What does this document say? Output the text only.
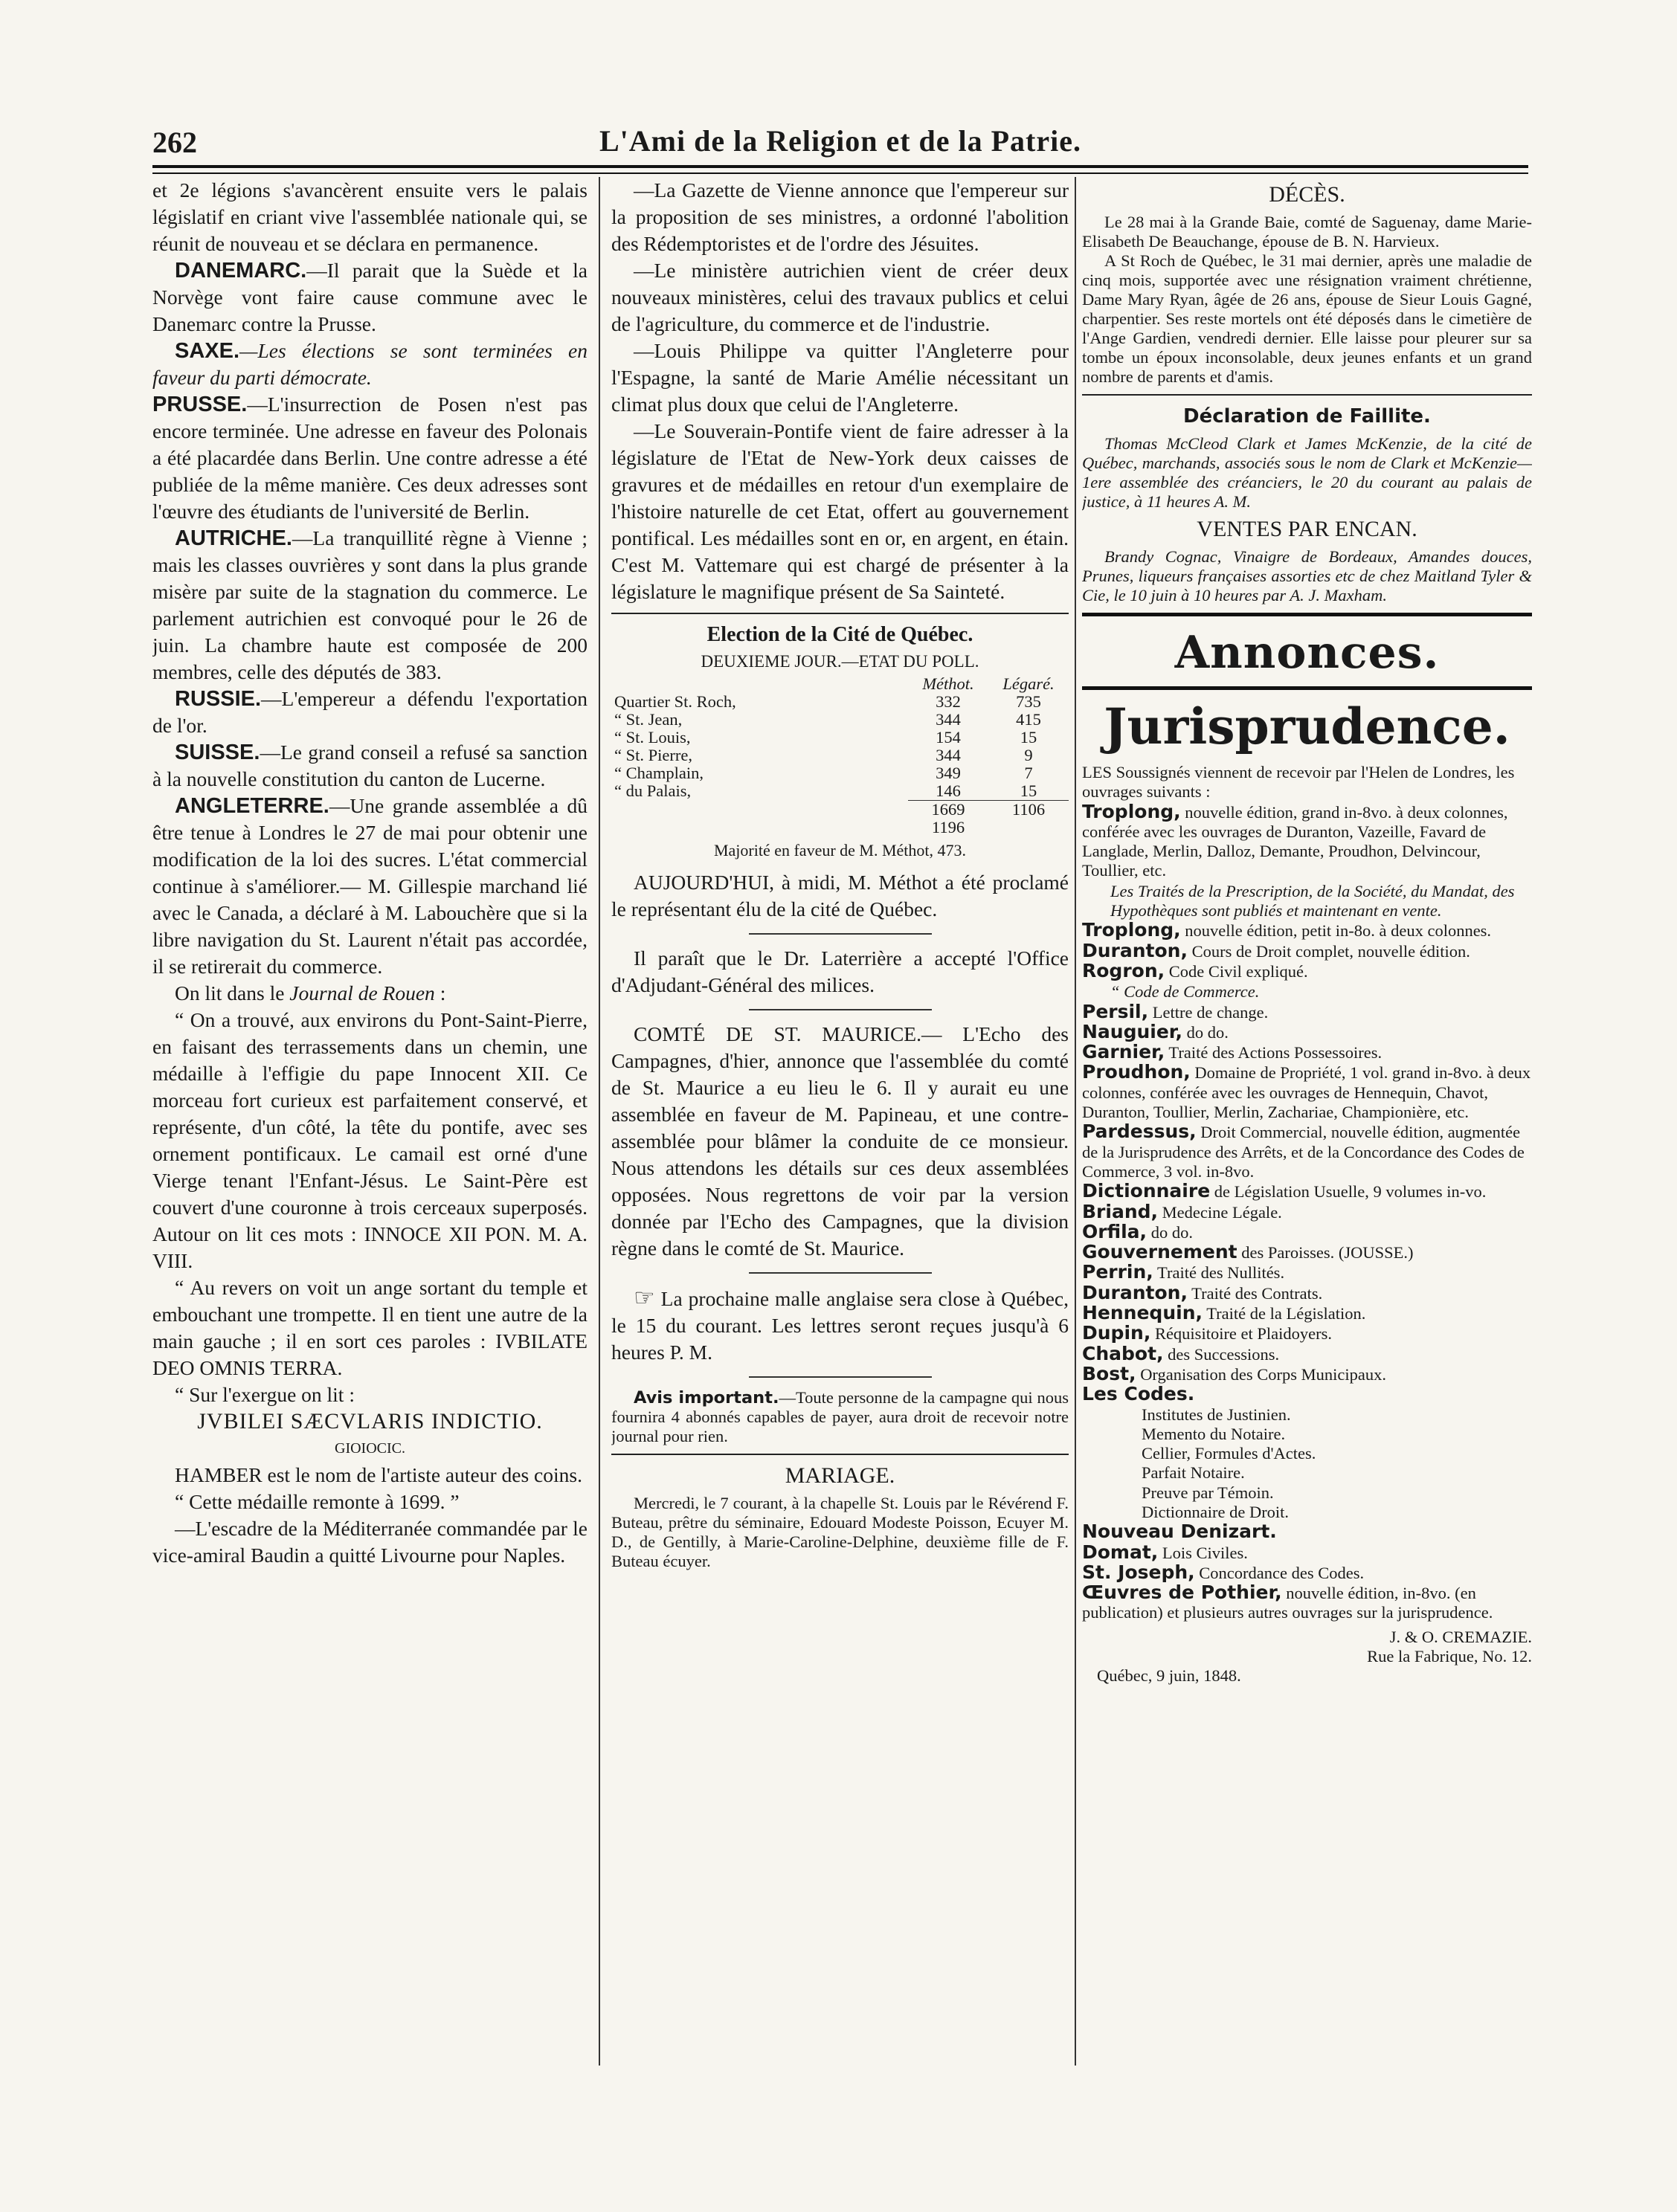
262	L'Ami de la Religion et de la Patrie.

et 2e légions s'avancèrent ensuite vers le palais législatif en criant vive l'assemblée nationale qui, se réunit de nouveau et se déclara en permanence.

DANEMARC.—Il parait que la Suède et la Norvège vont faire cause commune avec le Danemarc contre la Prusse.

SAXE.—Les élections se sont terminées en faveur du parti démocrate.

PRUSSE.—L'insurrection de Posen n'est pas encore terminée. Une adresse en faveur des Polonais a été placardée dans Berlin. Une contre adresse a été publiée de la même manière. Ces deux adresses sont l'œuvre des étudiants de l'université de Berlin.

AUTRICHE.—La tranquillité règne à Vienne ; mais les classes ouvrières y sont dans la plus grande misère par suite de la stagnation du commerce. Le parlement autrichien est convoqué pour le 26 de juin. La chambre haute est composée de 200 membres, celle des députés de 383.

RUSSIE.—L'empereur a défendu l'exportation de l'or.

SUISSE.—Le grand conseil a refusé sa sanction à la nouvelle constitution du canton de Lucerne.

ANGLETERRE.—Une grande assemblée a dû être tenue à Londres le 27 de mai pour obtenir une modification de la loi des sucres. L'état commercial continue à s'améliorer.— M. Gillespie marchand lié avec le Canada, a déclaré à M. Labouchère que si la libre navigation du St. Laurent n'était pas accordée, il se retirerait du commerce.

On lit dans le Journal de Rouen :

“ On a trouvé, aux environs du Pont-Saint-Pierre, en faisant des terrassements dans un chemin, une médaille à l'effigie du pape Innocent XII. Ce morceau fort curieux est parfaitement conservé, et représente, d'un côté, la tête du pontife, avec ses ornement pontificaux. Le camail est orné d'une Vierge tenant l'Enfant-Jésus. Le Saint-Père est couvert d'une couronne à trois cerceaux superposés. Autour on lit ces mots : INNOCE XII PON. M. A. VIII.

“ Au revers on voit un ange sortant du temple et embouchant une trompette. Il en tient une autre de la main gauche ; il en sort ces paroles : IVBILATE DEO OMNIS TERRA.

“ Sur l'exergue on lit :

JVBILEI SÆCVLARIS INDICTIO.

GIOIOCIC.

HAMBER est le nom de l'artiste auteur des coins.

“ Cette médaille remonte à 1699. ”

—L'escadre de la Méditerranée commandée par le vice-amiral Baudin a quitté Livourne pour Naples.

—La Gazette de Vienne annonce que l'empereur sur la proposition de ses ministres, a ordonné l'abolition des Rédemptoristes et de l'ordre des Jésuites.

—Le ministère autrichien vient de créer deux nouveaux ministères, celui des travaux publics et celui de l'agriculture, du commerce et de l'industrie.

—Louis Philippe va quitter l'Angleterre pour l'Espagne, la santé de Marie Amélie nécessitant un climat plus doux que celui de l'Angleterre.

—Le Souverain-Pontife vient de faire adresser à la législature de l'Etat de New-York deux caisses de gravures et de médailles en retour d'un exemplaire de l'histoire naturelle de cet Etat, offert au gouvernement pontifical. Les médailles sont en or, en argent, en étain. C'est M. Vattemare qui est chargé de présenter à la législature le magnifique présent de Sa Sainteté.

Election de la Cité de Québec.

DEUXIEME JOUR.—ETAT DU POLL.

	Méthot.	Légaré.
Quartier St. Roch,	332	735
“ St. Jean,	344	415
“ St. Louis,	154	15
“ St. Pierre,	344	9
“ Champlain,	349	7
“ du Palais,	146	15
	1669	1106
	1196	

Majorité en faveur de M. Méthot, 473.

AUJOURD'HUI, à midi, M. Méthot a été proclamé le représentant élu de la cité de Québec.

Il paraît que le Dr. Laterrière a accepté l'Office d'Adjudant-Général des milices.

COMTÉ DE ST. MAURICE.— L'Echo des Campagnes, d'hier, annonce que l'assemblée du comté de St. Maurice a eu lieu le 6. Il y aurait eu une assemblée en faveur de M. Papineau, et une contre-assemblée pour blâmer la conduite de ce monsieur. Nous attendons les détails sur ces deux assemblées opposées. Nous regrettons de voir par la version donnée par l'Echo des Campagnes, que la division règne dans le comté de St. Maurice.

☞ La prochaine malle anglaise sera close à Québec, le 15 du courant. Les lettres seront reçues jusqu'à 6 heures P. M.

Avis important.—Toute personne de la campagne qui nous fournira 4 abonnés capables de payer, aura droit de recevoir notre journal pour rien.

MARIAGE.

Mercredi, le 7 courant, à la chapelle St. Louis par le Révérend F. Buteau, prêtre du séminaire, Edouard Modeste Poisson, Ecuyer M. D., de Gentilly, à Marie-Caroline-Delphine, deuxième fille de F. Buteau écuyer.

DÉCÈS.

Le 28 mai à la Grande Baie, comté de Saguenay, dame Marie-Elisabeth De Beauchange, épouse de B. N. Harvieux.

A St Roch de Québec, le 31 mai dernier, après une maladie de cinq mois, supportée avec une résignation vraiment chrétienne, Dame Mary Ryan, âgée de 26 ans, épouse de Sieur Louis Gagné, charpentier. Ses reste mortels ont été déposés dans le cimetière de l'Ange Gardien, vendredi dernier. Elle laisse pour pleurer sur sa tombe un époux inconsolable, deux jeunes enfants et un grand nombre de parents et d'amis.

Déclaration de Faillite.

Thomas McCleod Clark et James McKenzie, de la cité de Québec, marchands, associés sous le nom de Clark et McKenzie—1ere assemblée des créanciers, le 20 du courant au palais de justice, à 11 heures A. M.

VENTES PAR ENCAN.

Brandy Cognac, Vinaigre de Bordeaux, Amandes douces, Prunes, liqueurs françaises assorties etc de chez Maitland Tyler & Cie, le 10 juin à 10 heures par A. J. Maxham.

Annonces.
Jurisprudence.

LES Soussignés viennent de recevoir par l'Helen de Londres, les ouvrages suivants :

Troplong, nouvelle édition, grand in-8vo. à deux colonnes, conférée avec les ouvrages de Duranton, Vazeille, Favard de Langlade, Merlin, Dalloz, Demante, Proudhon, Delvincour, Toullier, etc.

Les Traités de la Prescription, de la Société, du Mandat, des Hypothèques sont publiés et maintenant en vente.

Troplong, nouvelle édition, petit in-8o. à deux colonnes.

Duranton, Cours de Droit complet, nouvelle édition.

Rogron, Code Civil expliqué.

“ Code de Commerce.

Persil, Lettre de change.

Nauguier, do do.

Garnier, Traité des Actions Possessoires.

Proudhon, Domaine de Propriété, 1 vol. grand in-8vo. à deux colonnes, conférée avec les ouvrages de Hennequin, Chavot, Duranton, Toullier, Merlin, Zachariae, Championière, etc.

Pardessus, Droit Commercial, nouvelle édition, augmentée de la Jurisprudence des Arrêts, et de la Concordance des Codes de Commerce, 3 vol. in-8vo.

Dictionnaire de Législation Usuelle, 9 volumes in-vo.

Briand, Medecine Légale.

Orfila, do do.

Gouvernement des Paroisses. (JOUSSE.)

Perrin, Traité des Nullités.

Duranton, Traité des Contrats.

Hennequin, Traité de la Législation.

Dupin, Réquisitoire et Plaidoyers.

Chabot, des Successions.

Bost, Organisation des Corps Municipaux.

Les Codes.

Institutes de Justinien.

Memento du Notaire.

Cellier, Formules d'Actes.

Parfait Notaire.

Preuve par Témoin.

Dictionnaire de Droit.

Nouveau Denizart.

Domat, Lois Civiles.

St. Joseph, Concordance des Codes.

Œuvres de Pothier, nouvelle édition, in-8vo. (en publication) et plusieurs autres ouvrages sur la jurisprudence.

J. & O. CREMAZIE.

Rue la Fabrique, No. 12.

Québec, 9 juin, 1848.
